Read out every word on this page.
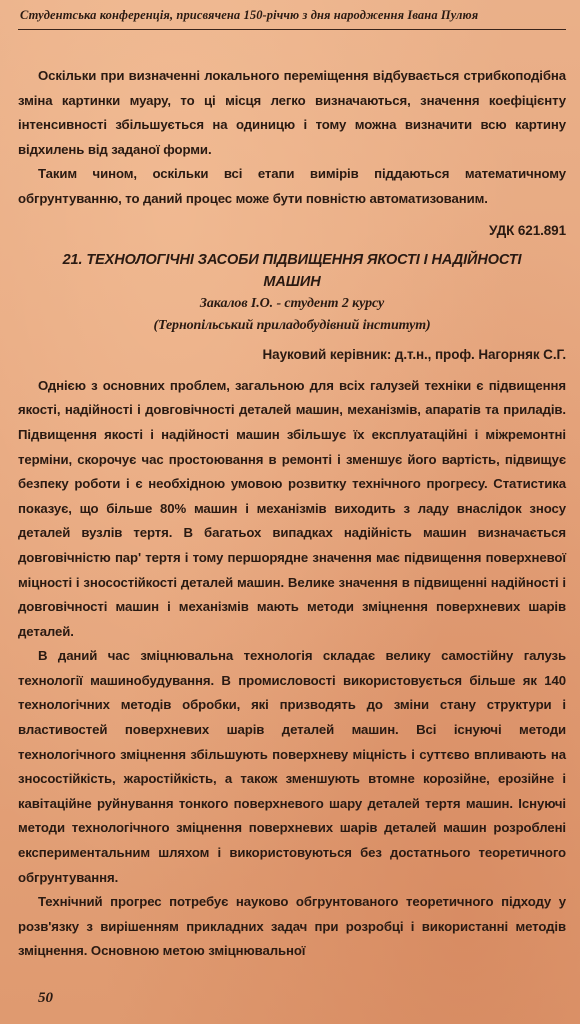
Студентська конференція, присвячена 150-річчю з дня народження Івана Пулюя

Оскільки при визначенні локального переміщення відбувається стрибкоподібна зміна картинки муару, то ці місця легко визначаються, значення коефіцієнту інтенсивності збільшується на одиницю і тому можна визначити всю картину відхилень від заданої форми.

Таким чином, оскільки всі етапи вимірів піддаються математичному обгрунтуванню, то даний процес може бути повністю автоматизованим.

УДК 621.891
21. ТЕХНОЛОГІЧНІ ЗАСОБИ ПІДВИЩЕННЯ ЯКОСТІ І НАДІЙНОСТІ
МАШИН
Закалов І.О. - студент 2 курсу
(Тернопільський приладобудівний інститут)
Науковий керівник: д.т.н., проф. Нагорняк С.Г.

Однією з основних проблем, загальною для всіх галузей техніки є підвищення якості, надійності і довговічності деталей машин, механізмів, апаратів та приладів. Підвищення якості і надійності машин збільшує їх експлуатаційні і міжремонтні терміни, скорочує час простоювання в ремонті і зменшує його вартість, підвищує безпеку роботи і є необхідною умовою розвитку технічного прогресу. Статистика показує, що більше 80% машин і механізмів виходить з ладу внаслідок зносу деталей вузлів тертя. В багатьох випадках надійність машин визначається довговічністю пар' тертя і тому першорядне значення має підвищення поверхневої міцності і зносостійкості деталей машин. Велике значення в підвищенні надійності і довговічності машин і механізмів мають методи зміцнення поверхневих шарів деталей.

В даний час зміцнювальна технологія складає велику самостійну галузь технології машинобудування. В промисловості використовується більше як 140 технологічних методів обробки, які призводять до зміни стану структури і властивостей поверхневих шарів деталей машин. Всі існуючі методи технологічного зміцнення збільшують поверхневу міцність і суттєво впливають на зносостійкість, жаростійкість, а також зменшують втомне корозійне, ерозійне і кавітаційне руйнування тонкого поверхневого шару деталей тертя машин. Існуючі методи технологічного зміцнення поверхневих шарів деталей машин розроблені експериментальним шляхом і використовуються без достатнього теоретичного обгрунтування.

Технічний прогрес потребує науково обгрунтованого теоретичного підходу у розв'язку з вирішенням прикладних задач при розробці і використанні методів зміцнення. Основною метою зміцнювальної

50
